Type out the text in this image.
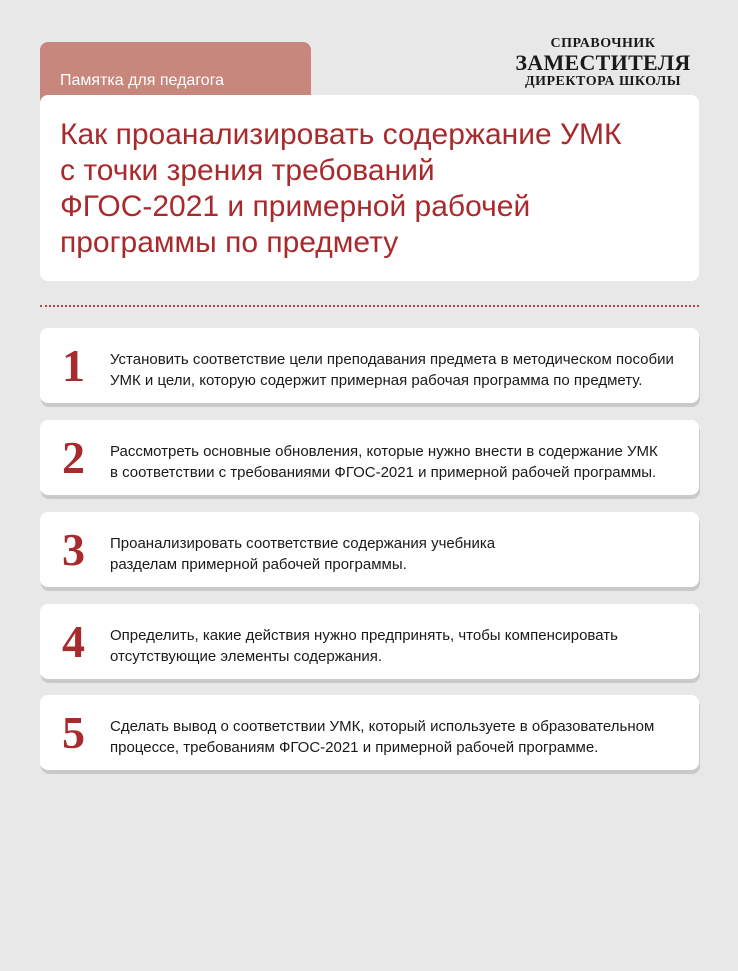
Памятка для педагога
СПРАВОЧНИК
ЗАМЕСТИТЕЛЯ
ДИРЕКТОРА ШКОЛЫ
Как проанализировать содержание УМК
с точки зрения требований
ФГОС-2021 и примерной рабочей
программы по предмету
1 Установить соответствие цели преподавания предмета в методическом пособии
УМК и цели, которую содержит примерная рабочая программа по предмету.
2 Рассмотреть основные обновления, которые нужно внести в содержание УМК
в соответствии с требованиями ФГОС-2021 и примерной рабочей программы.
3 Проанализировать соответствие содержания учебника
разделам примерной рабочей программы.
4 Определить, какие действия нужно предпринять, чтобы компенсировать
отсутствующие элементы содержания.
5 Сделать вывод о соответствии УМК, который используете в образовательном
процессе, требованиям ФГОС-2021 и примерной рабочей программе.
